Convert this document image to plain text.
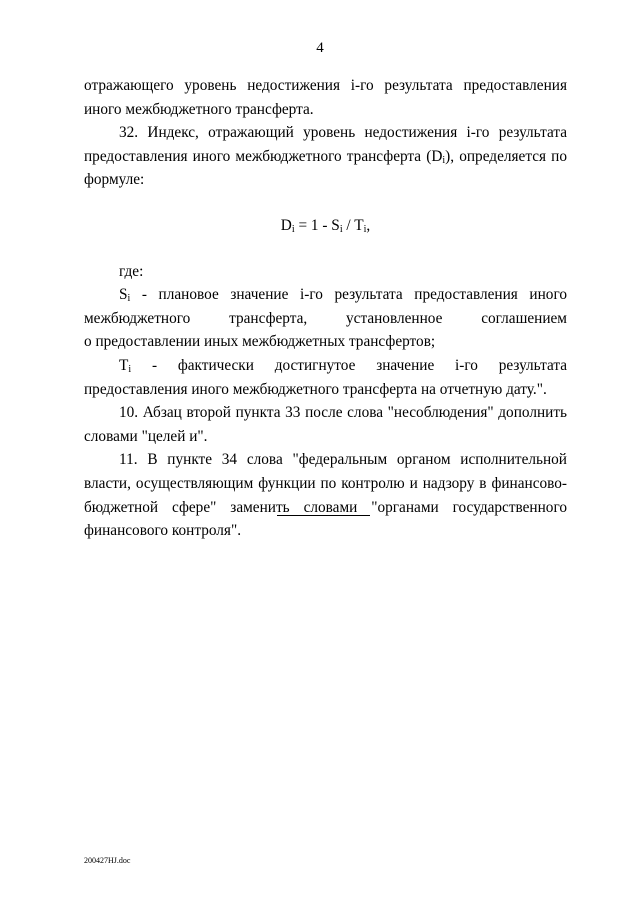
4

отражающего уровень недостижения i-го результата предоставления иного межбюджетного трансферта.

32. Индекс, отражающий уровень недостижения i-го результата предоставления иного межбюджетного трансферта $(D_i)$, определяется по формуле:

$D_i = 1 - S_i / T_i$,

где:

$S_i$ - плановое значение i-го результата предоставления иного межбюджетного трансферта, установленное соглашением

о предоставлении иных межбюджетных трансфертов;

$T_i$ - фактически достигнутое значение i-го результата предоставления иного межбюджетного трансферта на отчетную дату.".

10. Абзац второй пункта 33 после слова "несоблюдения" дополнить словами "целей и".

11. В пункте 34 слова "федеральным органом исполнительной власти, осуществляющим функции по контролю и надзору в финансово-бюджетной сфере" заменить словами "органами государственного финансового контроля".

200427НJ.doc
